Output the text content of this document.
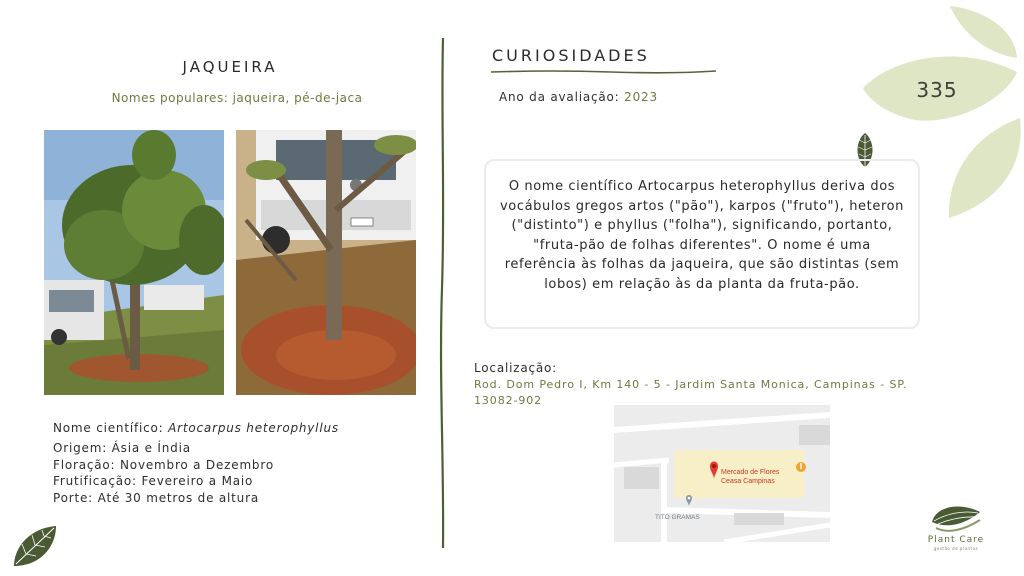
JAQUEIRA
Nomes populares: jaqueira, pé-de-jaca
Nome científico: Artocarpus heterophyllus
Origem: Ásia e Índia
Floração: Novembro a Dezembro
Frutificação: Fevereiro a Maio
Porte: Até 30 metros de altura
CURIOSIDADES
Ano da avaliação: 2023	335
O nome científico Artocarpus heterophyllus deriva dos vocábulos gregos artos ("pão"), karpos ("fruto"), heteron ("distinto") e phyllus ("folha"), significando, portanto, "fruta-pão de folhas diferentes". O nome é uma referência às folhas da jaqueira, que são distintas (sem lobos) em relação às da planta da fruta-pão.
Localização:
Rod. Dom Pedro I, Km 140 - 5 - Jardim Santa Monica, Campinas - SP. 13082-902
Mercado de Flores
Ceasa Campinas
TITO GRAMAS
Plant Care
gestão de plantas
